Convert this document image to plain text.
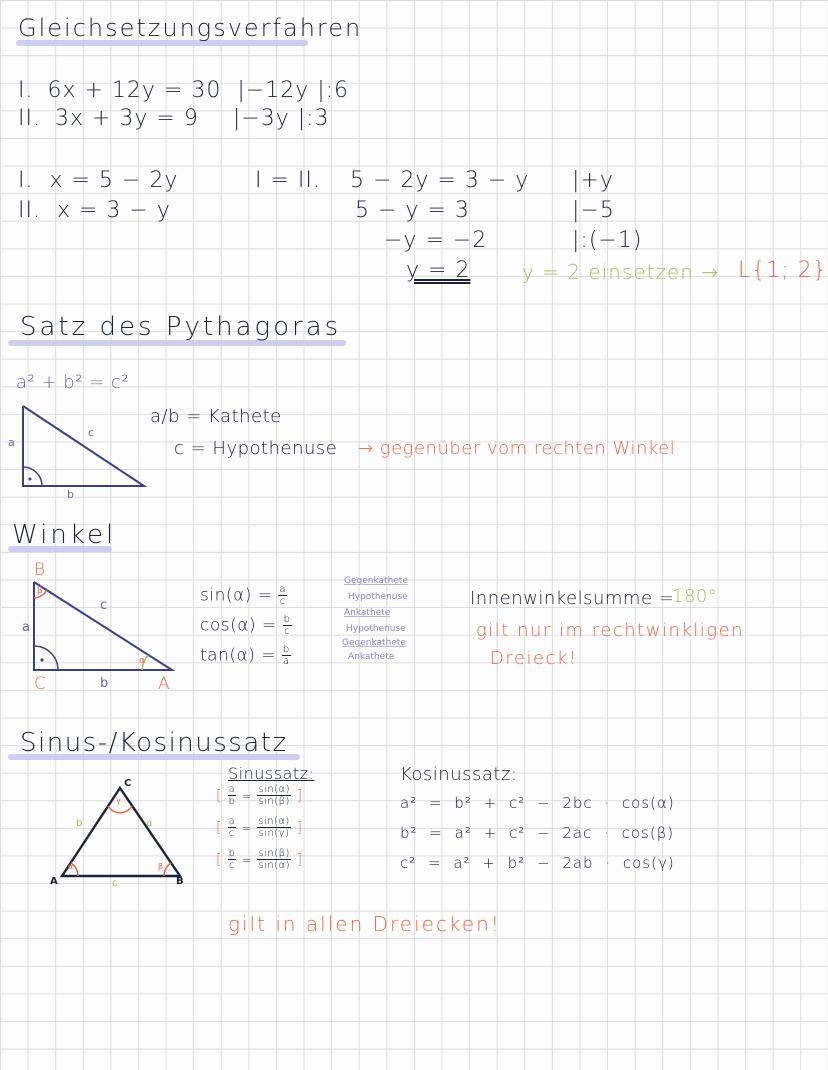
Gleichsetzungsverfahren
I. 6x + 12y = 30 |−12y |:6
II. 3x + 3y = 9 |−3y |:3
I. x = 5 − 2y
II. x = 3 − y
I = II. 5 − 2y = 3 − y |+y
5 − y = 3	|−5
−y = −2	|:(−1)
y = 2	y = 2 einsetzen → L{1; 2}
Satz des Pythagoras
a² + b² = c²
a
c
b
a/b = Kathete
c = Hypothenuse → gegenüber vom rechten Winkel
Winkel
β
α
B
C	A
a
c
b
$\sin(\alpha) = \frac{a}{c}$
$\cos(\alpha) = \frac{b}{c}$
$\tan(\alpha) = \frac{b}{a}$
Gegenkathete
Hypothenuse
Ankathete
Hypothenuse
Gegenkathete
Ankathete
Innenwinkelsumme =
180°
gilt nur im rechtwinkligen
Dreieck!
Sinus-/Kosinussatz
γ
α	β
A	B
C
a
b
c
Sinussatz:
[ $\frac{a}{b} = \frac{\sin(\alpha)}{\sin(\beta)}$ ]
[ $\frac{a}{c} = \frac{\sin(\alpha)}{\sin(\gamma)}$ ]
[ $\frac{b}{c} = \frac{\sin(\beta)}{\sin(\alpha)}$ ]
Kosinussatz:
a² = b² + c² − 2bc · cos(α)
b² = a² + c² − 2ac · cos(β)
c² = a² + b² − 2ab · cos(γ)
gilt in allen Dreiecken!
